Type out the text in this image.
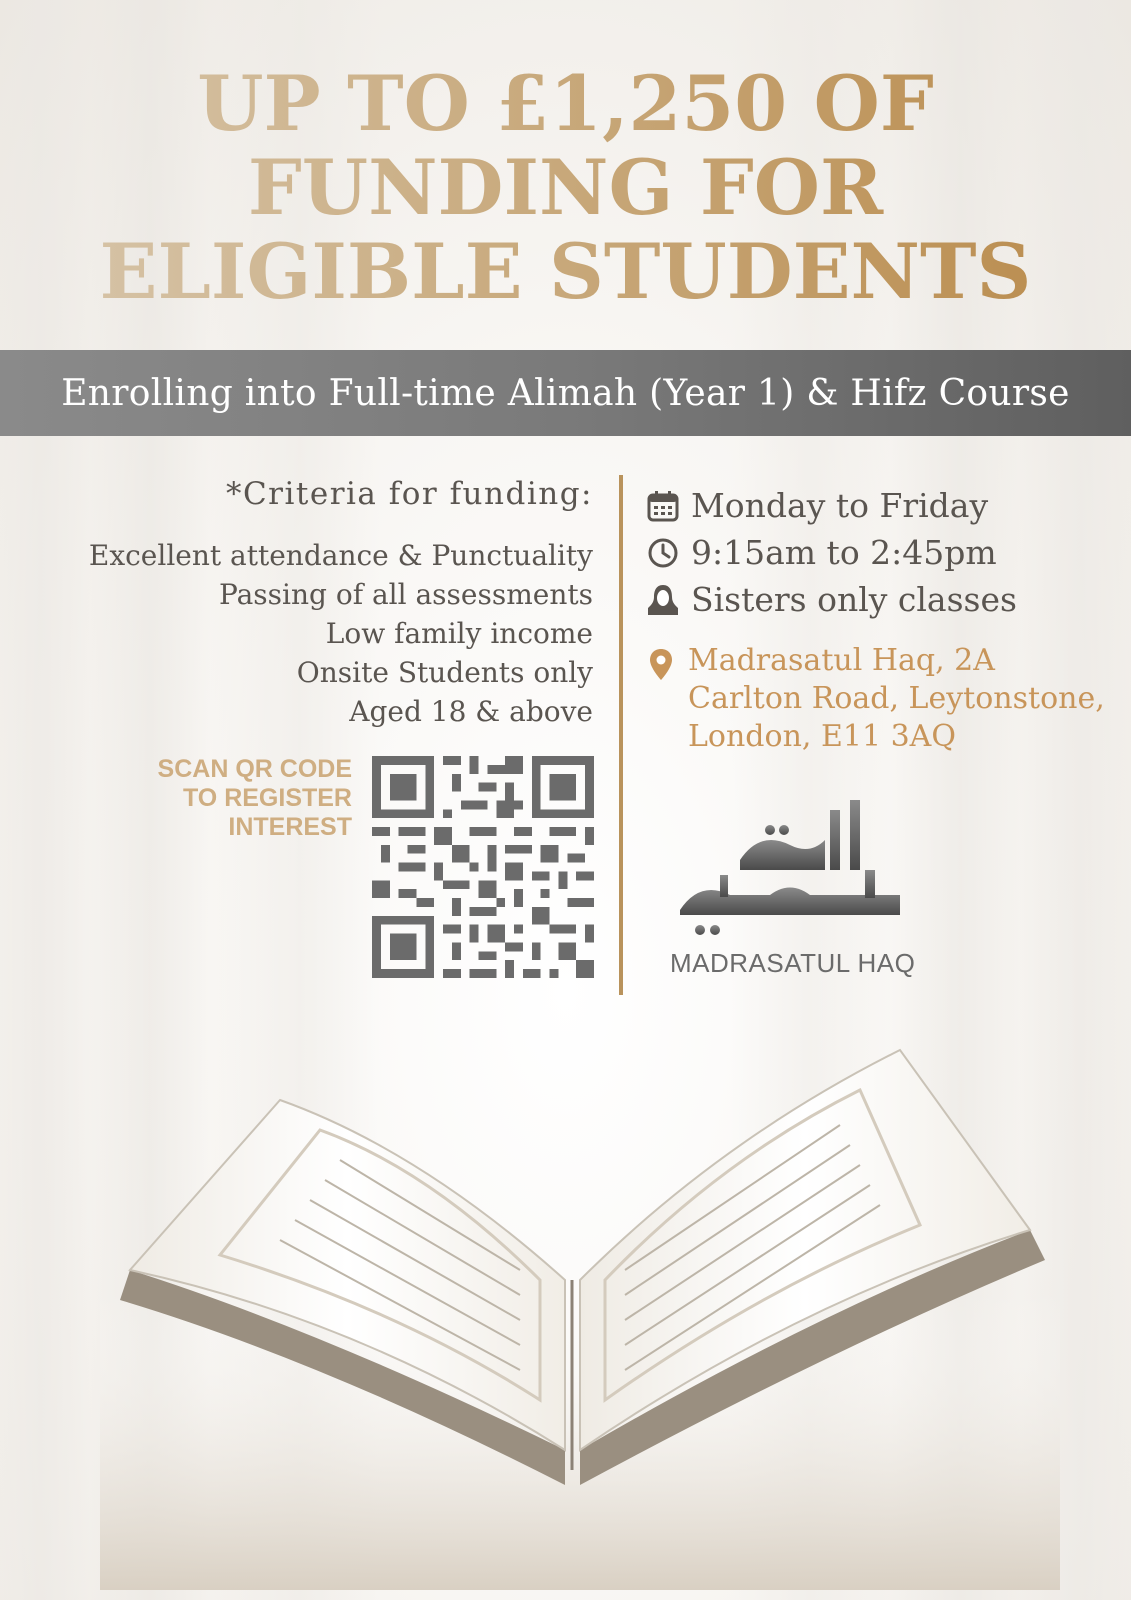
UP TO £1,250 OF
FUNDING FOR
ELIGIBLE STUDENTS
Enrolling into Full-time Alimah (Year 1) & Hifz Course
*Criteria for funding:
Excellent attendance & Punctuality
Passing of all assessments
Low family income
Onsite Students only
Aged 18 & above
Monday to Friday
9:15am to 2:45pm
Sisters only classes
Madrasatul Haq, 2A
Carlton Road, Leytonstone,
London, E11 3AQ
SCAN QR CODE
TO REGISTER
INTEREST
MADRASATUL HAQ
